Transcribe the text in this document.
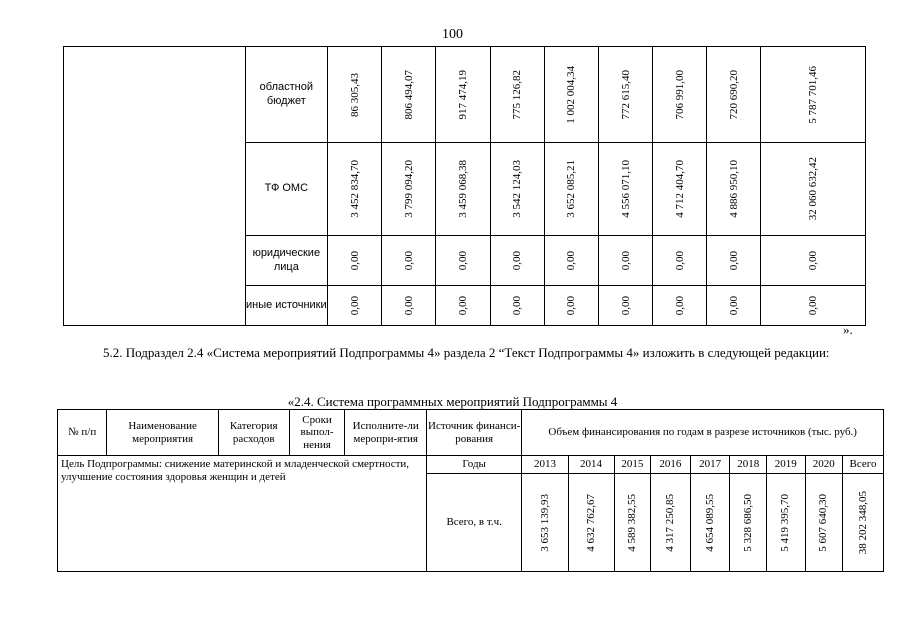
100
	областной бюджет	86 305,43	806 494,07	917 474,19	775 126,82	1 002 004,34	772 615,40	706 991,00	720 690,20	5 787 701,46

	ТФ ОМС	3 452 834,70	3 799 094,20	3 459 068,38	3 542 124,03	3 652 085,21	4 556 071,10	4 712 404,70	4 886 950,10	32 060 632,42

	юридические лица	0,00	0,00	0,00	0,00	0,00	0,00	0,00	0,00	0,00

	иные источники	0,00	0,00	0,00	0,00	0,00	0,00	0,00	0,00	0,00
».
5.2. Подраздел 2.4 «Система мероприятий Подпрограммы 4» раздела 2 “Текст Подпрограммы 4» изложить в следующей редакции:
«2.4. Система программных мероприятий Подпрограммы 4
№ п/п	Наименование мероприятия	Категория расходов	Сроки выпол-нения	Исполните-ли меропри-ятия	Источник финанси-рования	Объем финансирования по годам в разрезе источников (тыс. руб.)								
Цель Подпрограммы: снижение материнской и младенческой смертности, улучшение состояния здоровья женщин и детей					Годы	2013	2014	2015	2016	2017	2018	2019	2020	Всего
					Всего, в т.ч.	3 653 139,93	4 632 762,67	4 589 382,55	4 317 250,85	4 654 089,55	5 328 686,50	5 419 395,70	5 607 640,30	38 202 348,05
